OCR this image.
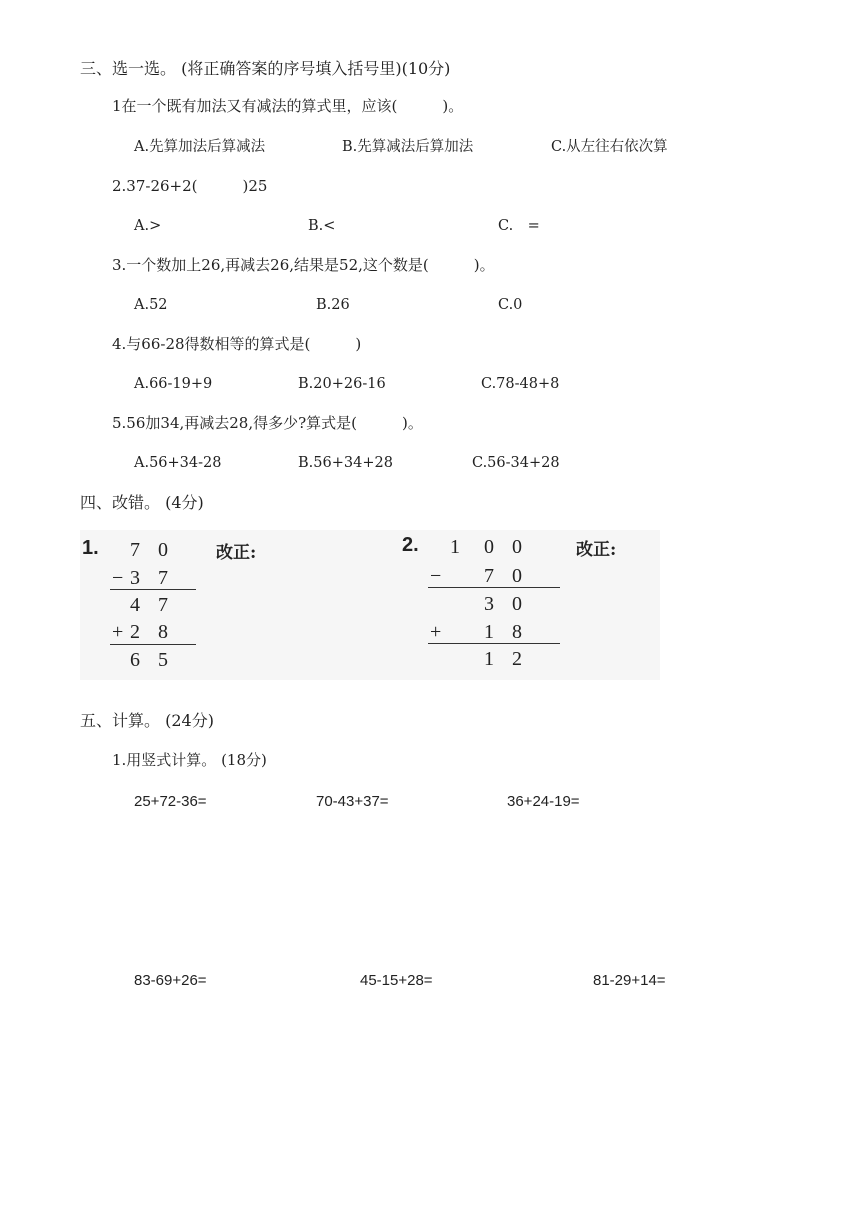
三、选一选。 (将正确答案的序号填入括号里)(10分)
1在一个既有加法又有减法的算式里，应该(　　　)。
A.先算加法后算减法	B.先算减法后算加法	C.从左往右依次算
2.37-26+2(　　　)25
A.>	B.<	C.　=
3.一个数加上26,再减去26,结果是52,这个数是(　　　)。
A.52	B.26	C.0
4.与66-28得数相等的算式是(　　　)
A.66-19+9	B.20+26-16	C.78-48+8
5.56加34,再减去28,得多少?算式是(　　　)。
A.56+34-28	B.56+34+28	C.56-34+28
四、改错。 (4分)
1. 7 0
− 3 7
4 7
+ 2 8
6 5
改正:	2. 1 0 0
− 7 0
3 0
+ 1 8
1 2
改正:
五、计算。 (24分)
1.用竖式计算。 (18分)
25+72-36=	70-43+37=	36+24-19=
83-69+26=	45-15+28=	81-29+14=
